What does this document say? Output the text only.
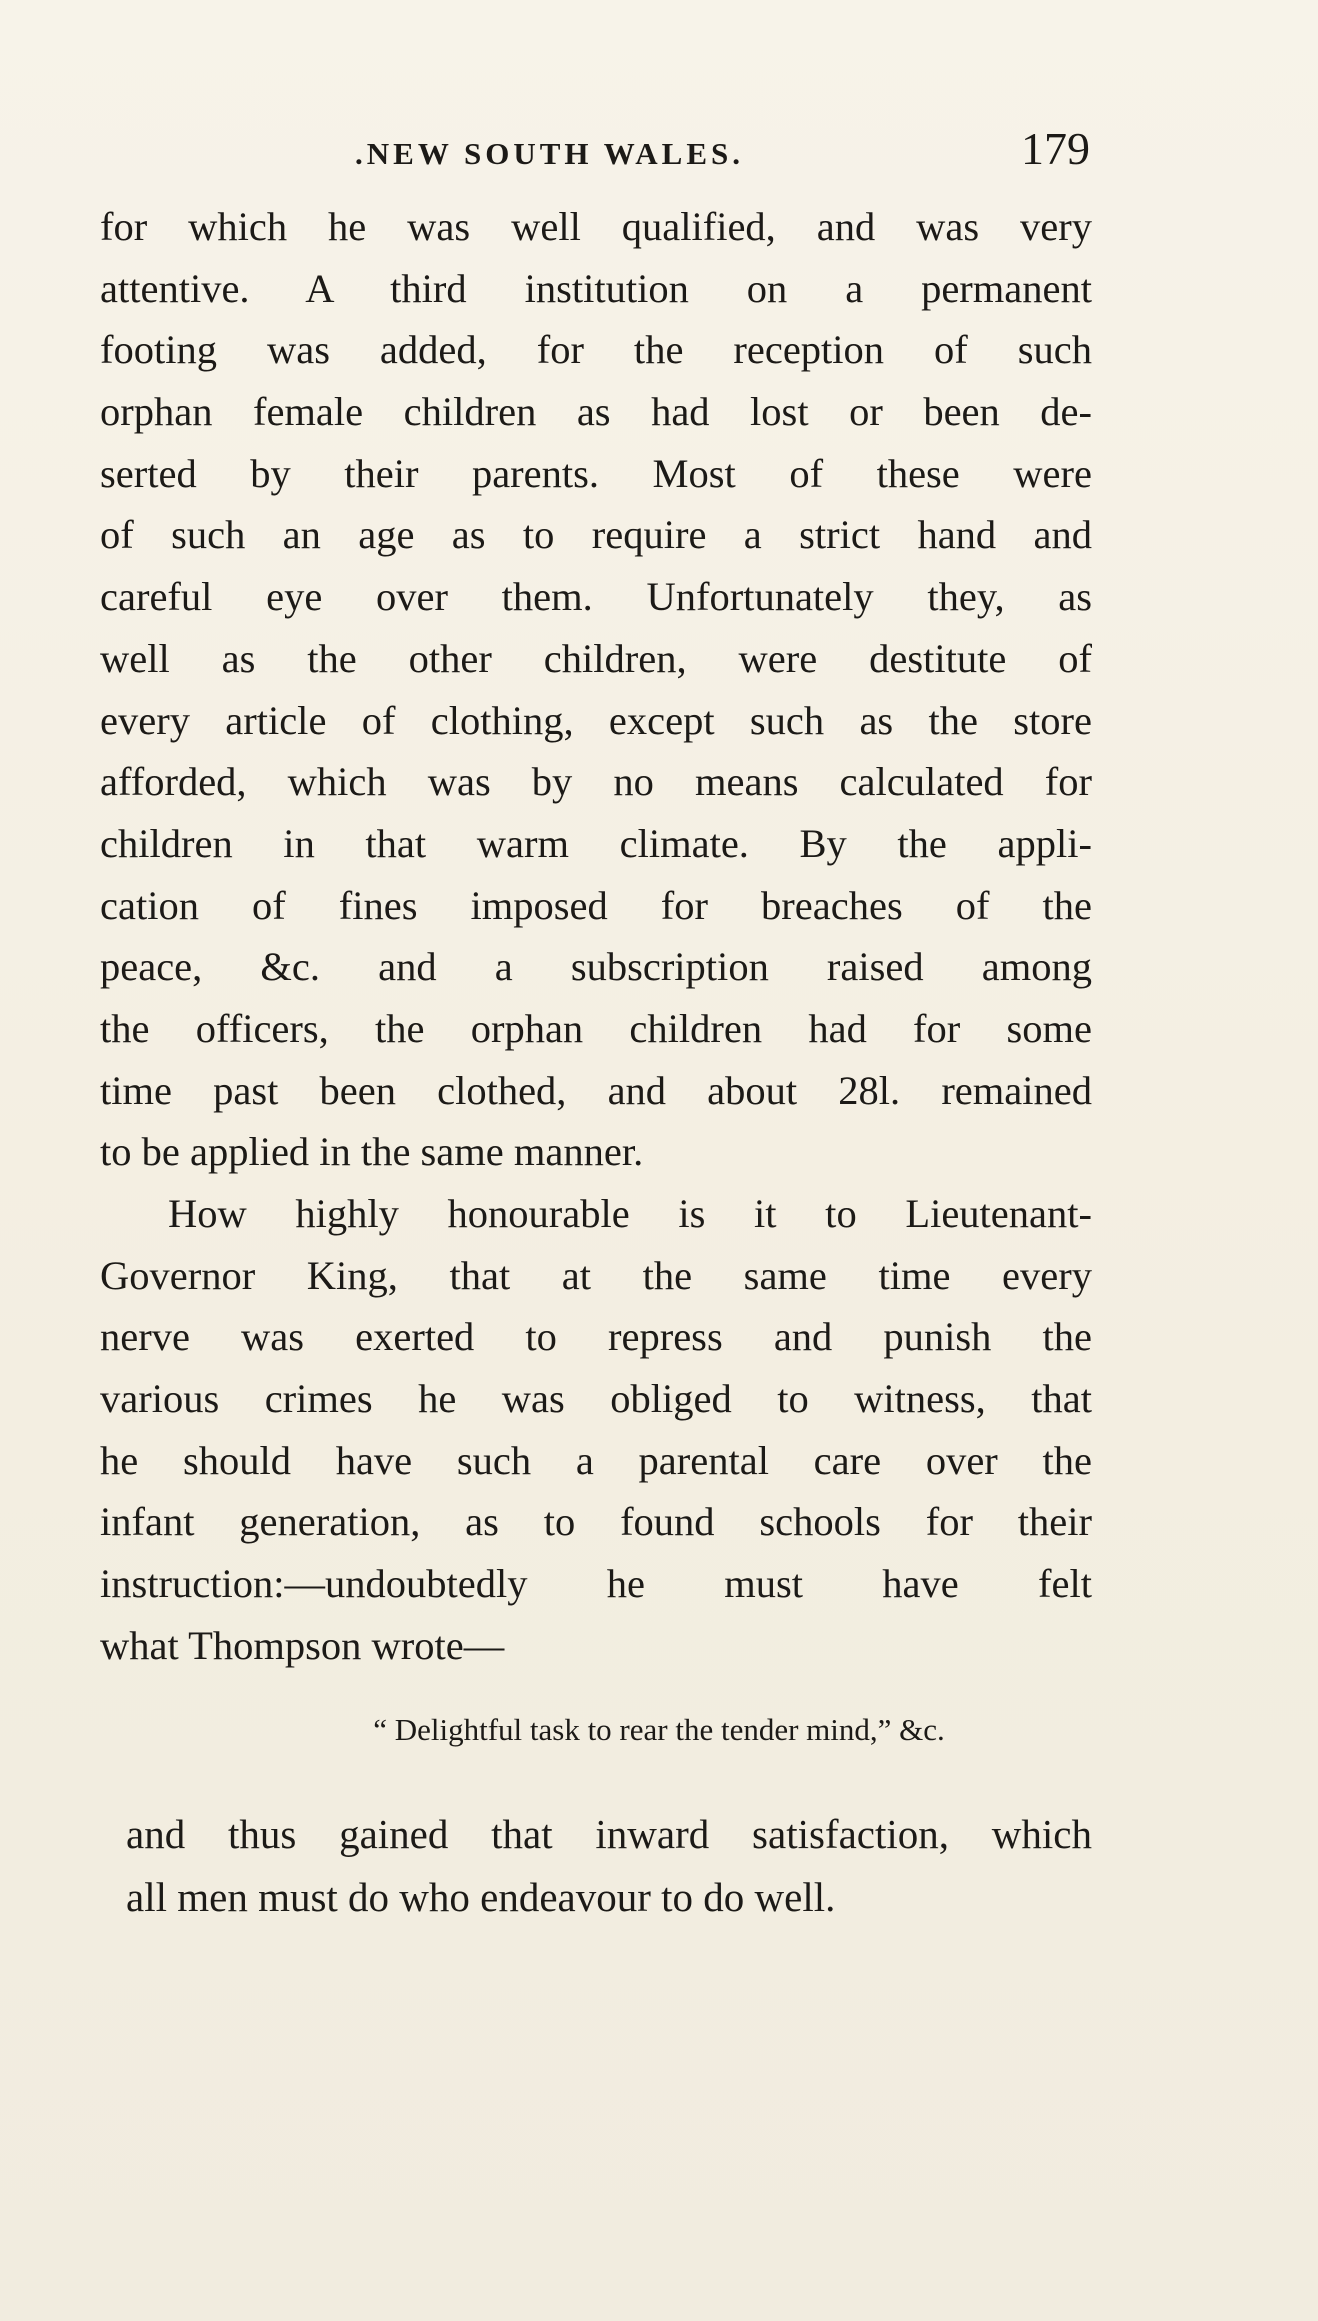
.NEW SOUTH WALES.	179
for which he was well qualified, and was very
attentive. A third institution on a permanent
footing was added, for the reception of such
orphan female children as had lost or been de-
serted by their parents. Most of these were
of such an age as to require a strict hand and
careful eye over them. Unfortunately they, as
well as the other children, were destitute of
every article of clothing, except such as the store
afforded, which was by no means calculated for
children in that warm climate. By the appli-
cation of fines imposed for breaches of the
peace, &c. and a subscription raised among
the officers, the orphan children had for some
time past been clothed, and about 28l. remained
to be applied in the same manner.
How highly honourable is it to Lieutenant-
Governor King, that at the same time every
nerve was exerted to repress and punish the
various crimes he was obliged to witness, that
he should have such a parental care over the
infant generation, as to found schools for their
instruction:—undoubtedly he must have felt
what Thompson wrote—
“ Delightful task to rear the tender mind,” &c.
and thus gained that inward satisfaction, which
all men must do who endeavour to do well.
